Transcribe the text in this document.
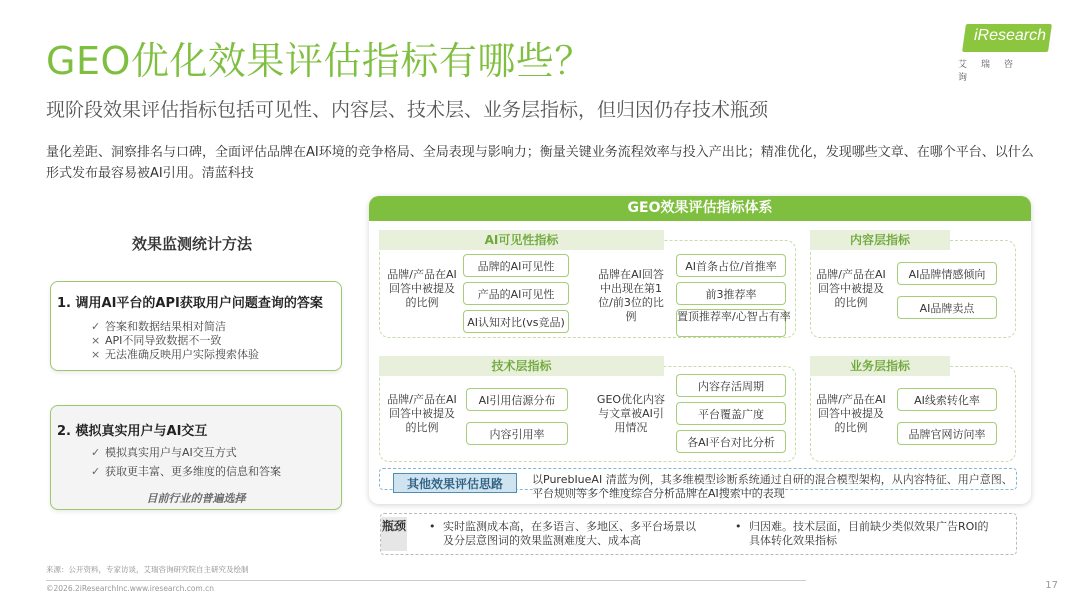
GEO优化效果评估指标有哪些？
现阶段效果评估指标包括可见性、内容层、技术层、业务层指标，但归因仍存技术瓶颈
量化差距、洞察排名与口碑，全面评估品牌在AI环境的竞争格局、全局表现与影响力；衡量关键业务流程效率与投入产出比；精准优化，发现哪些文章、在哪个平台、以什么形式发布最容易被AI引用。清蓝科技
iResearch
艾瑞咨询
效果监测统计方法
1. 调用AI平台的API获取用户问题查询的答案
✓ 答案和数据结果相对简洁
× API不同导致数据不一致
× 无法准确反映用户实际搜索体验
2. 模拟真实用户与AI交互
✓ 模拟真实用户与AI交互方式
✓ 获取更丰富、更多维度的信息和答案
目前行业的普遍选择
GEO效果评估指标体系
AI可见性指标
品牌/产品在AI回答中被提及的比例
品牌的AI可见性
产品的AI可见性
AI认知对比(vs竞品)
品牌在AI回答中出现在第1位/前3位的比例
AI首条占位/首推率
前3推荐率
置顶推荐率/心智占有率
内容层指标
品牌/产品在AI回答中被提及的比例
AI品牌情感倾向
AI品牌卖点
技术层指标
品牌/产品在AI回答中被提及的比例
AI引用信源分布
内容引用率
GEO优化内容与文章被AI引用情况
内容存活周期
平台覆盖广度
各AI平台对比分析
业务层指标
品牌/产品在AI回答中被提及的比例
AI线索转化率
品牌官网访问率
其他效果评估思路	以PurebIueAI 清蓝为例，其多维模型诊断系统通过自研的混合模型架构，从内容特征、用户意图、平台规则等多个维度综合分析品牌在AI搜索中的表现
瓶颈 • 实时监测成本高，在多语言、多地区、多平台场景以及分层意图词的效果监测难度大、成本高
• 归因难。技术层面，目前缺少类似效果广告ROI的具体转化效果指标
来源：公开资料，专家访谈，艾瑞咨询研究院自主研究及绘制
©2026.2iResearchInc.www.iresearch.com.cn	17
